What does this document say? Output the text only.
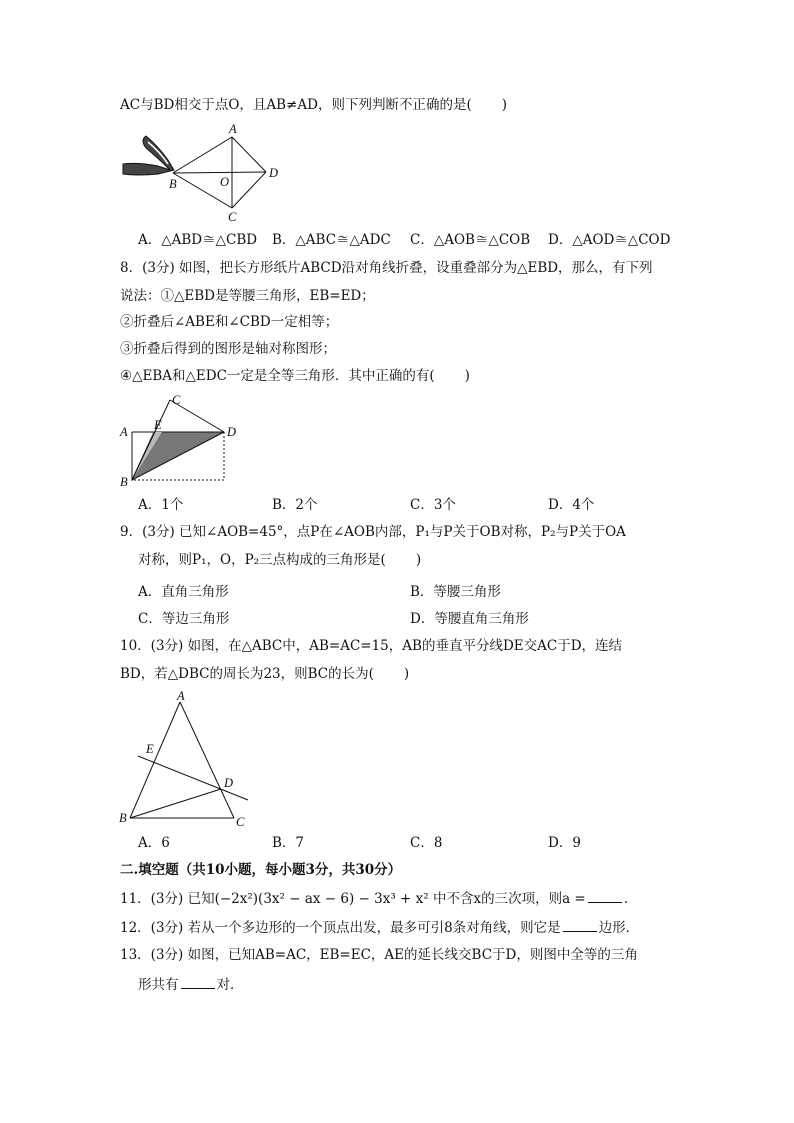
AC与BD相交于点O，且AB≠AD，则下列判断不正确的是( )
A
B
C
D
O
A．△ABD≅△CBD B．△ABC≅△ADC C．△AOB≅△COB D．△AOD≅△COD
8．(3分) 如图，把长方形纸片ABCD沿对角线折叠，设重叠部分为△EBD，那么，有下列
说法：①△EBD是等腰三角形，EB=ED；
②折叠后∠ABE和∠CBD一定相等；
③折叠后得到的图形是轴对称图形；
④△EBA和△EDC一定是全等三角形．其中正确的有( )
A E
C
D
B
A．1个	B．2个	C．3个	D．4个
9．(3分) 已知∠AOB=45°，点P在∠AOB内部，P₁与P关于OB对称，P₂与P关于OA
对称，则P₁，O，P₂三点构成的三角形是( )
A．直角三角形	B．等腰三角形
C．等边三角形	D．等腰直角三角形
10．(3分) 如图，在△ABC中，AB=AC=15，AB的垂直平分线DE交AC于D，连结
BD，若△DBC的周长为23，则BC的长为( )
A
E
D
B	C
A．6	B．7	C．8	D．9
二.填空题（共10小题，每小题3分，共30分）
11．(3分) 已知(−2x²)(3x² − ax − 6) − 3x³ + x² 中不含x的三次项，则a =	.
12．(3分) 若从一个多边形的一个顶点出发，最多可引8条对角线，则它是	边形．
13．(3分) 如图，已知AB=AC，EB=EC，AE的延长线交BC于D，则图中全等的三角
形共有	对．
